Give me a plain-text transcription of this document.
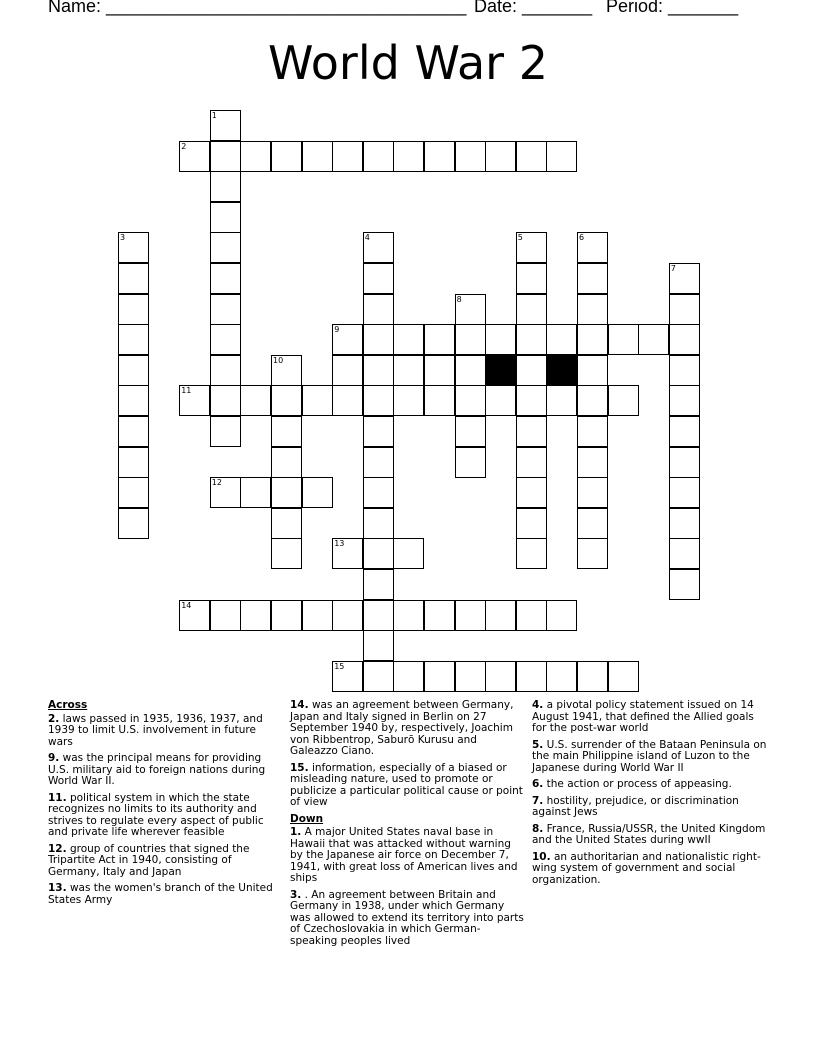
Name: ____________________________________ Date: _______ Period: _______
World War 2
1
2
3	4	5	6
7
8
9
10
11
12
13
14
15
Across

2. laws passed in 1935, 1936, 1937, and 1939 to limit U.S. involvement in future wars

9. was the principal means for providing U.S. military aid to foreign nations during World War II.

11. political system in which the state recognizes no limits to its authority and strives to regulate every aspect of public and private life wherever feasible

12. group of countries that signed the Tripartite Act in 1940, consisting of Germany, Italy and Japan

13. was the women's branch of the United States Army

14. was an agreement between Germany, Japan and Italy signed in Berlin on 27 September 1940 by, respectively, Joachim von Ribbentrop, Saburō Kurusu and Galeazzo Ciano.

15. information, especially of a biased or misleading nature, used to promote or publicize a particular political cause or point of view

Down

1. A major United States naval base in Hawaii that was attacked without warning by the Japanese air force on December 7, 1941, with great loss of American lives and ships

3. . An agreement between Britain and Germany in 1938, under which Germany was allowed to extend its territory into parts of Czechoslovakia in which German-speaking peoples lived

4. a pivotal policy statement issued on 14 August 1941, that defined the Allied goals for the post-war world

5. U.S. surrender of the Bataan Peninsula on the main Philippine island of Luzon to the Japanese during World War II

6. the action or process of appeasing.

7. hostility, prejudice, or discrimination against Jews

8. France, Russia/USSR, the United Kingdom and the United States during wwII

10. an authoritarian and nationalistic right-wing system of government and social organization.
